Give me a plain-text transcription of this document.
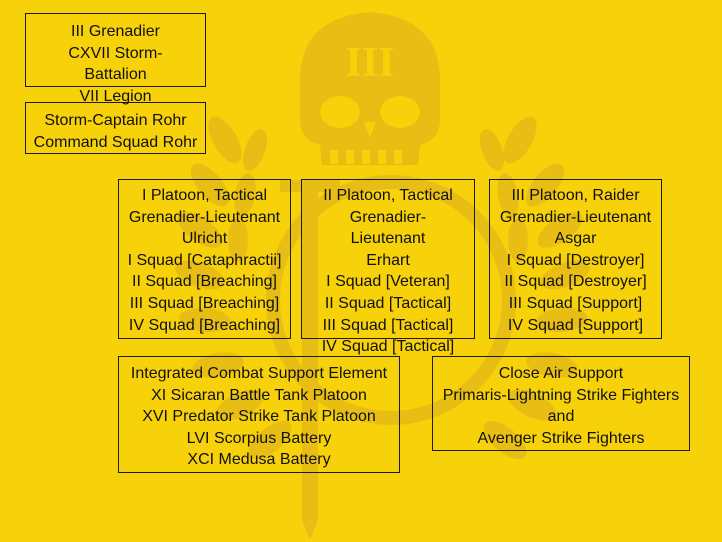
III
III Grenadier
CXVII Storm-
Battalion
VII Legion
Storm-Captain Rohr
Command Squad Rohr
I Platoon, Tactical
Grenadier-Lieutenant
Ulricht
I Squad [Cataphractii]
II Squad [Breaching]
III Squad [Breaching]
IV Squad [Breaching]
II Platoon, Tactical
Grenadier-
Lieutenant
Erhart
I Squad [Veteran]
II Squad [Tactical]
III Squad [Tactical]
IV Squad [Tactical]
III Platoon, Raider
Grenadier-Lieutenant
Asgar
I Squad [Destroyer]
II Squad [Destroyer]
III Squad [Support]
IV Squad [Support]
Integrated Combat Support Element
XI Sicaran Battle Tank Platoon
XVI Predator Strike Tank Platoon
LVI Scorpius Battery
XCI Medusa Battery
Close Air Support
Primaris-Lightning Strike Fighters
and
Avenger Strike Fighters
